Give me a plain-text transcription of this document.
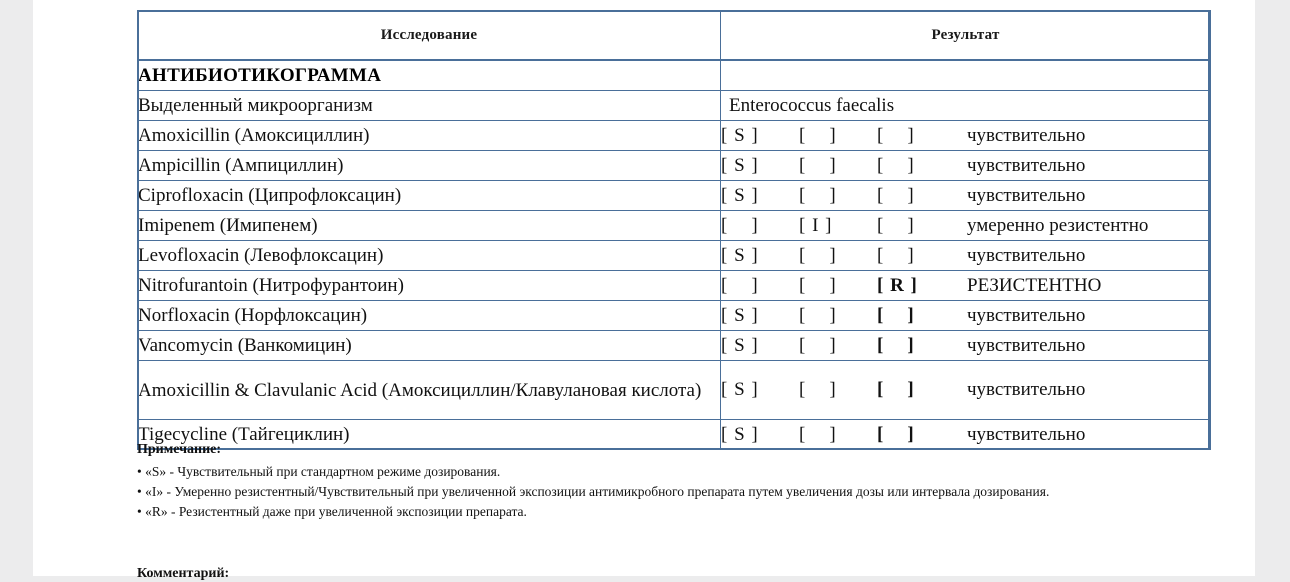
Исследование	Результат
АНТИБИОТИКОГРАММА	
Выделенный микроорганизм	Enterococcus faecalis

Amoxicillin (Амоксициллин)	[ S ] [    ] [    ] чувствительно

Ampicillin (Ампициллин)	[ S ] [    ] [    ] чувствительно

Ciprofloxacin (Ципрофлоксацин)	[ S ] [    ] [    ] чувствительно

Imipenem (Имипенем)	[    ] [ I ] [    ] умеренно резистентно

Levofloxacin (Левофлоксацин)	[ S ] [    ] [    ] чувствительно

Nitrofurantoin (Нитрофурантоин)	[    ] [    ] [ R ] РЕЗИСТЕНТНО

Norfloxacin (Норфлоксацин)	[ S ] [    ] [    ] чувствительно

Vancomycin (Ванкомицин)	[ S ] [    ] [    ] чувствительно

Amoxicillin & Clavulanic Acid (Амоксициллин/Клавулановая кислота)	[ S ] [    ] [    ] чувствительно

Tigecycline (Тайгециклин)	[ S ] [    ] [    ] чувствительно
Примечание:
• «S» - Чувствительный при стандартном режиме дозирования.
• «I» - Умеренно резистентный/Чувствительный при увеличенной экспозиции антимикробного препарата путем увеличения дозы или интервала дозирования.
• «R» - Резистентный даже при увеличенной экспозиции препарата.
Комментарий:
